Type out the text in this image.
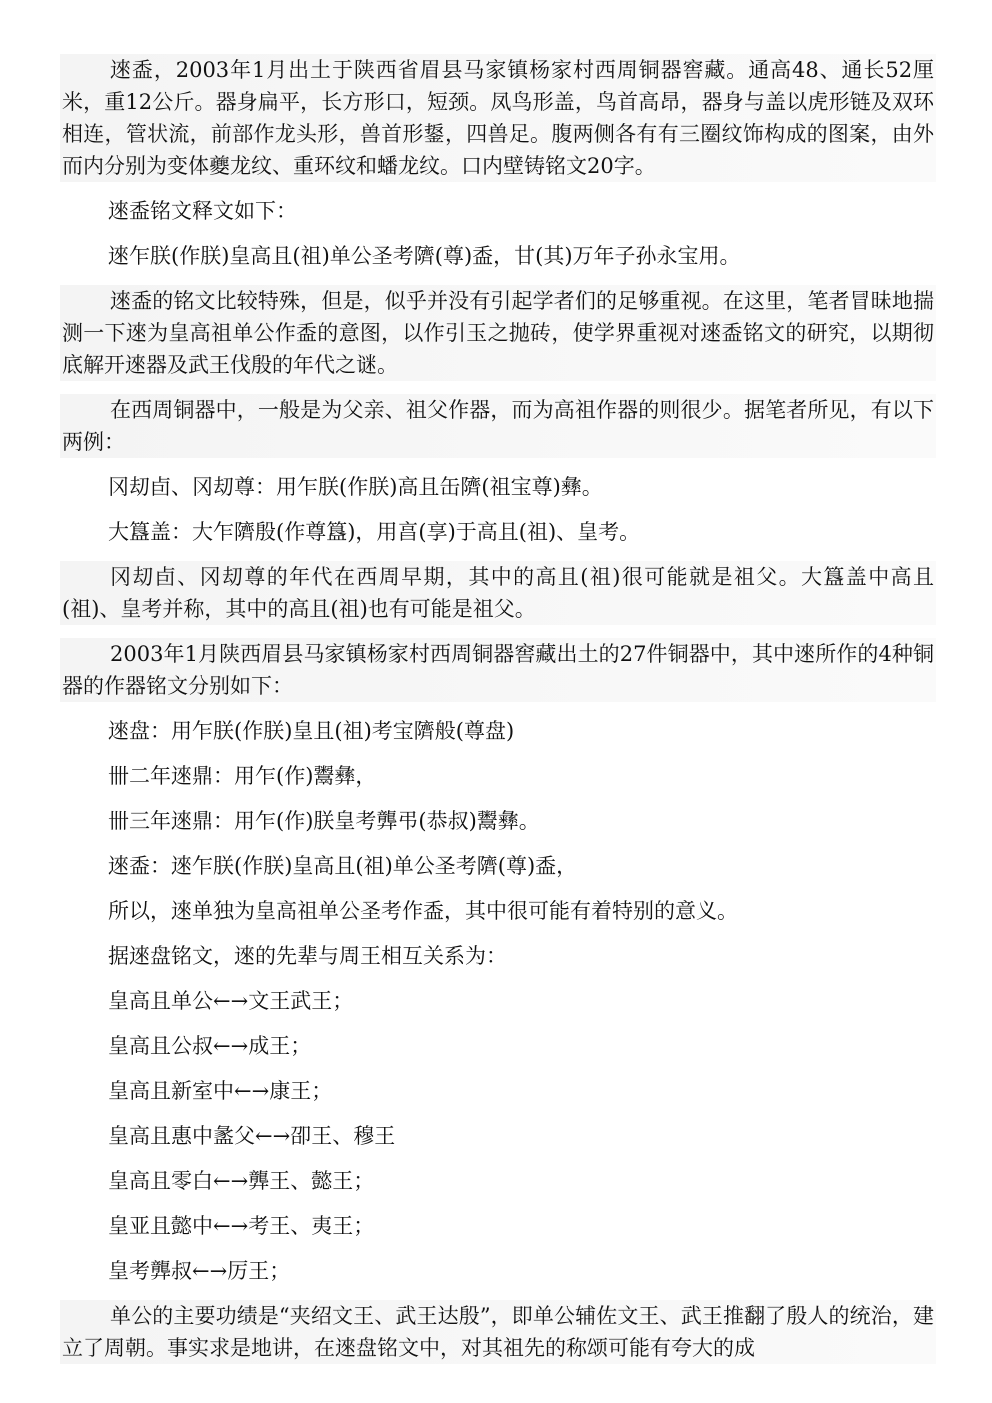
逨盉，2003年1月出土于陕西省眉县马家镇杨家村西周铜器窖藏。通高48、通长52厘米，重12公斤。器身扁平，长方形口，短颈。凤鸟形盖，鸟首高昂，器身与盖以虎形链及双环相连，管状流，前部作龙头形，兽首形鋬，四兽足。腹两侧各有有三圈纹饰构成的图案，由外而内分别为变体夔龙纹、重环纹和蟠龙纹。口内壁铸铭文20字。

逨盉铭文释文如下：

逨乍朕(作朕)皇高且(祖)单公圣考隮(尊)盉，甘(其)万年子孙永宝用。

逨盉的铭文比较特殊，但是，似乎并没有引起学者们的足够重视。在这里，笔者冒昧地揣测一下逨为皇高祖单公作盉的意图，以作引玉之抛砖，使学界重视对逨盉铭文的研究，以期彻底解开逨器及武王伐殷的年代之谜。

在西周铜器中，一般是为父亲、祖父作器，而为高祖作器的则很少。据笔者所见，有以下两例：

冈刧卣、冈刧尊：用乍朕(作朕)高且缶隮(祖宝尊)彝。

大簋盖：大乍隮殷(作尊簋)，用亯(享)于高且(祖)、皇考。

冈刧卣、冈刧尊的年代在西周早期，其中的高且(祖)很可能就是祖父。大簋盖中高且(祖)、皇考并称，其中的高且(祖)也有可能是祖父。

2003年1月陕西眉县马家镇杨家村西周铜器窖藏出土的27件铜器中，其中逨所作的4种铜器的作器铭文分别如下：

逨盘：用乍朕(作朕)皇且(祖)考宝隮般(尊盘)

卌二年逨鼎：用乍(作)鬻彝，

卌三年逨鼎：用乍(作)朕皇考龏弔(恭叔)鬻彝。

逨盉：逨乍朕(作朕)皇高且(祖)单公圣考隮(尊)盉，

所以，逨单独为皇高祖单公圣考作盉，其中很可能有着特别的意义。

据逨盘铭文，逨的先辈与周王相互关系为：

皇高且单公←→文王武王；

皇高且公叔←→成王；

皇高且新室中←→康王；

皇高且惠中盠父←→卲王、穆王

皇高且零白←→龏王、懿王；

皇亚且懿中←→考王、夷王；

皇考龏叔←→厉王；

单公的主要功绩是“夹绍文王、武王达殷”，即单公辅佐文王、武王推翻了殷人的统治，建立了周朝。事实求是地讲，在逨盘铭文中，对其祖先的称颂可能有夸大的成
